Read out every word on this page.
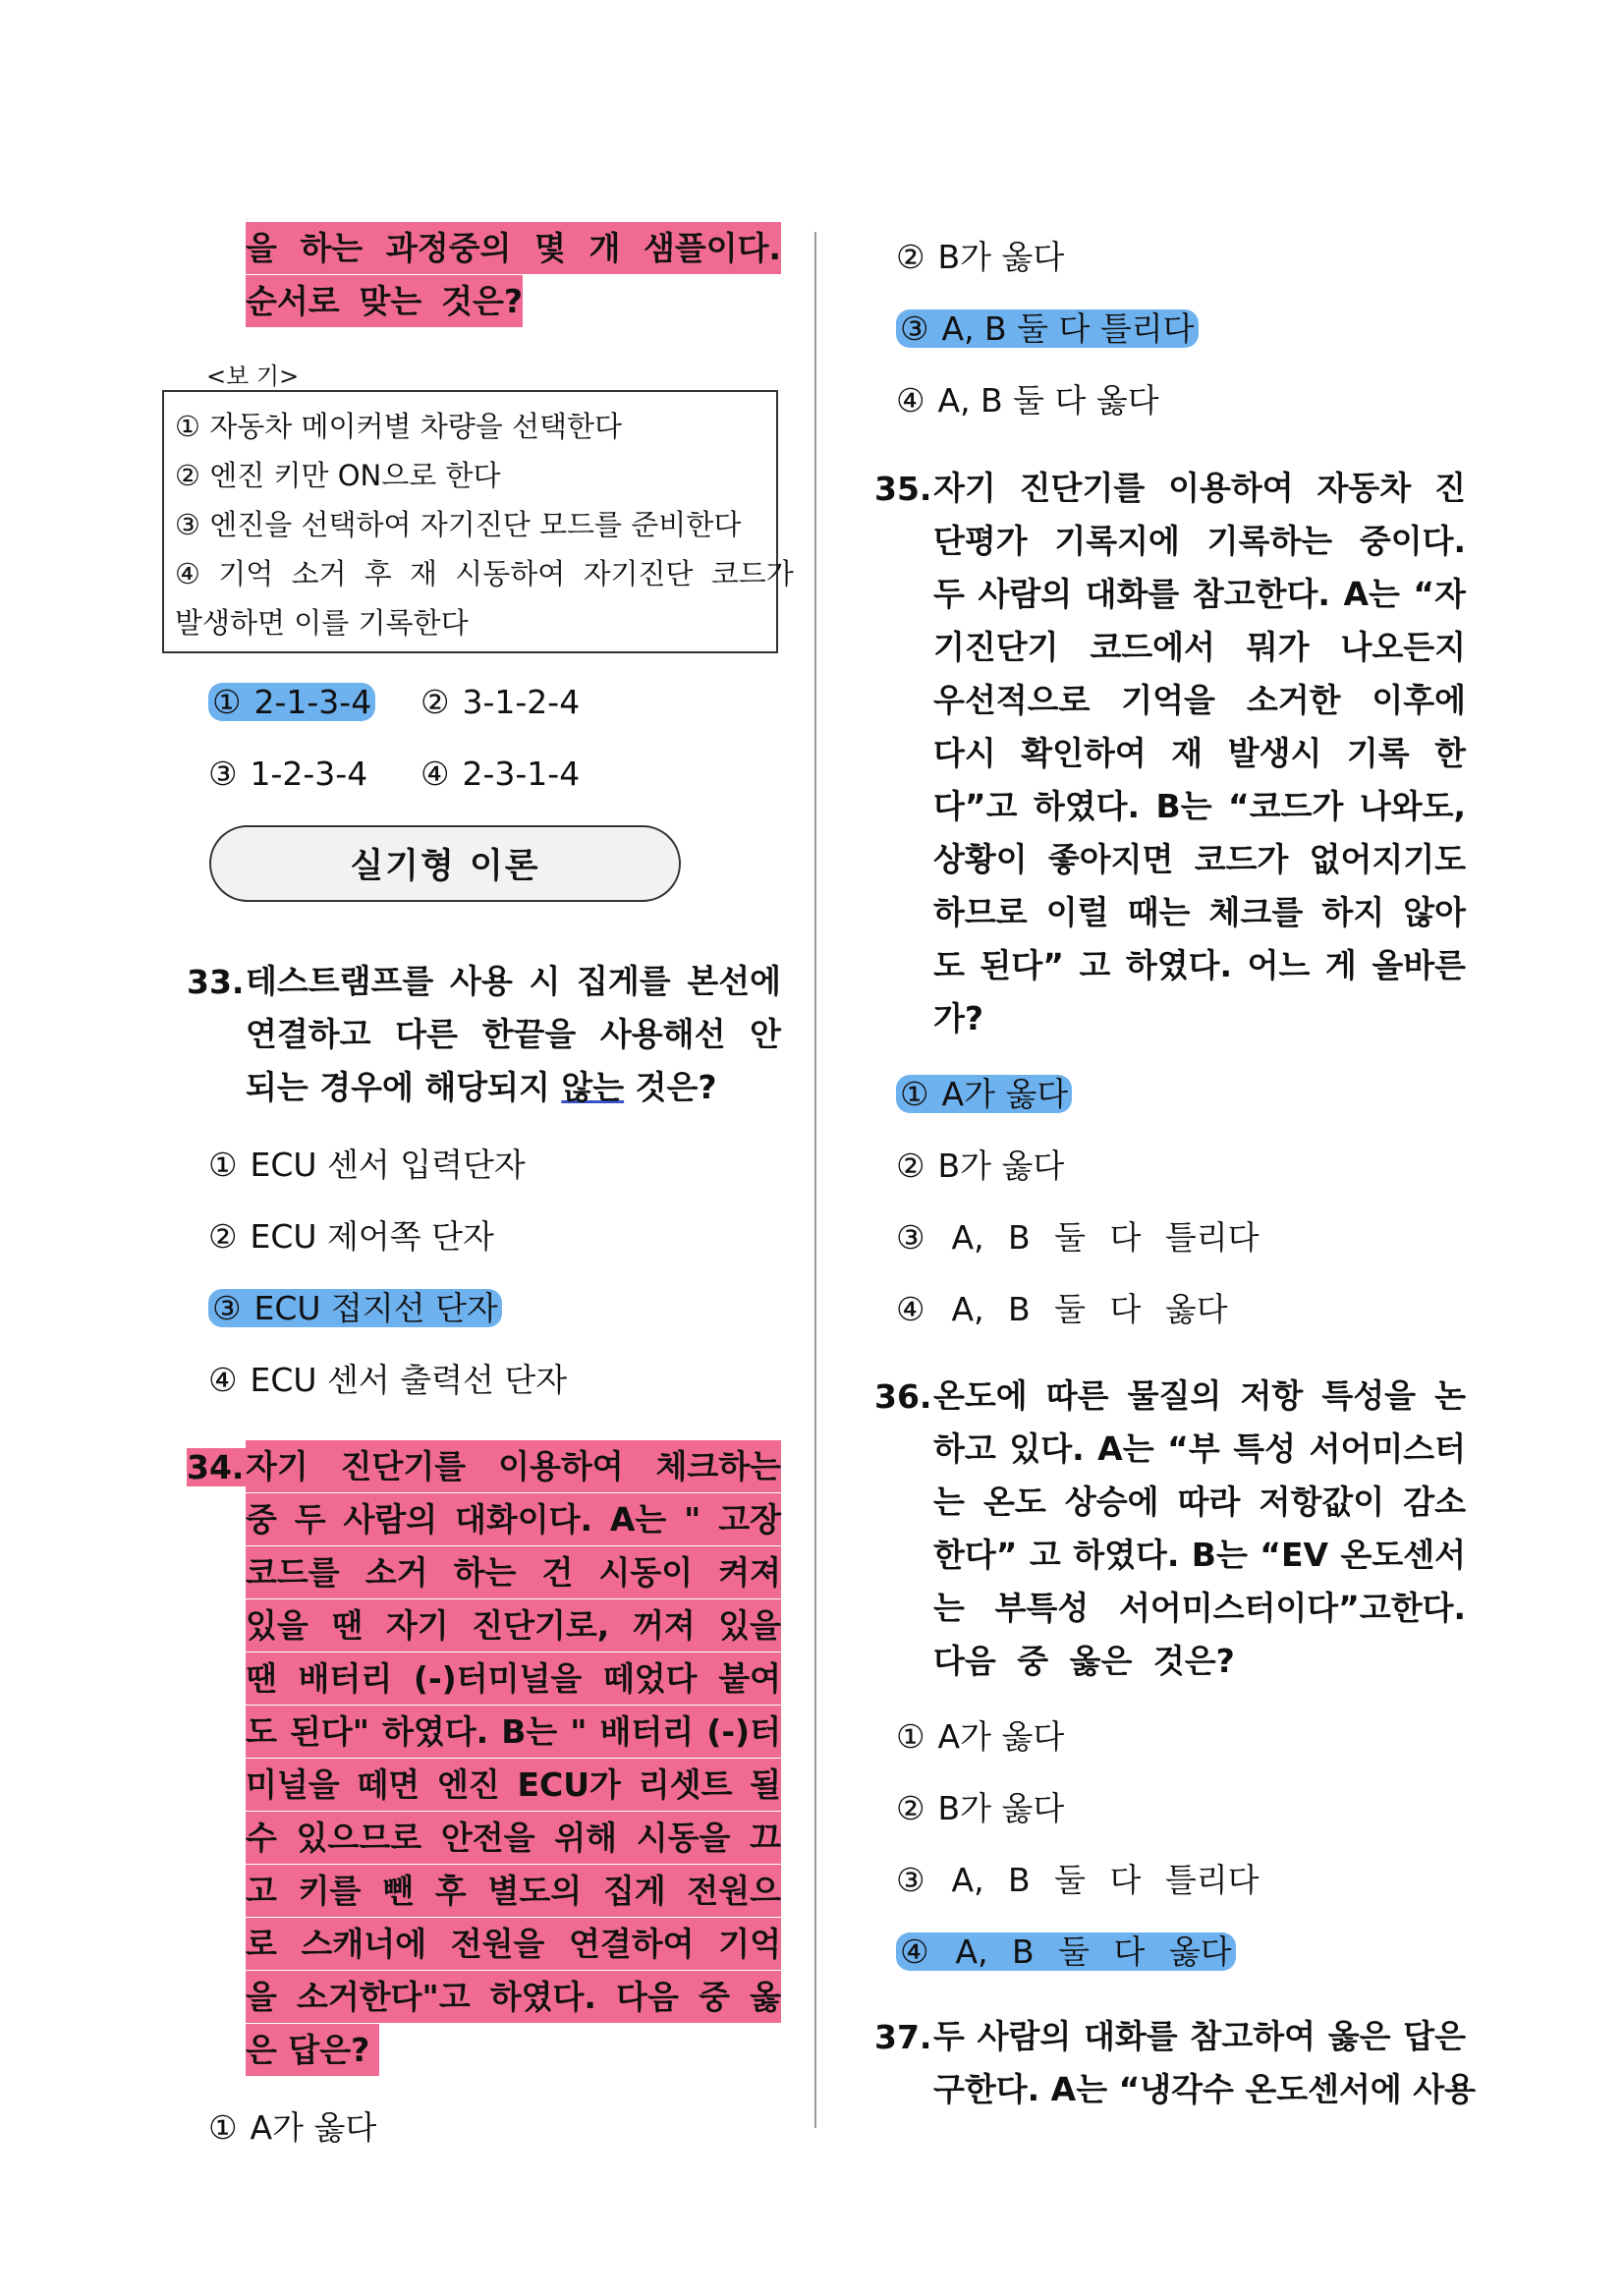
을 하는 과정중의 몇 개 샘플이다.
순서로 맞는 것은?
<보 기>
① 자동차 메이커별 차량을 선택한다
② 엔진 키만 ON으로 한다
③ 엔진을 선택하여 자기진단 모드를 준비한다
④ 기억 소거 후 재 시동하여 자기진단 코드가
발생하면 이를 기록한다
① 2-1-3-4 ② 3-1-2-4
③ 1-2-3-4 ④ 2-3-1-4
실기형 이론
33. 테스트램프를 사용 시 집게를 본선에
연결하고 다른 한끝을 사용해선 안
되는 경우에 해당되지 않는 것은?
① ECU 센서 입력단자
② ECU 제어쪽 단자
③ ECU 접지선 단자
④ ECU 센서 출력선 단자
34. 자기 진단기를 이용하여 체크하는
중 두 사람의 대화이다. A는 " 고장
코드를 소거 하는 건 시동이 켜져
있을 땐 자기 진단기로, 꺼져 있을
땐 배터리 (-)터미널을 떼었다 붙여
도 된다" 하였다. B는 " 배터리 (-)터
미널을 떼면 엔진 ECU가 리셋트 될
수 있으므로 안전을 위해 시동을 끄
고 키를 뺀 후 별도의 집게 전원으
로 스캐너에 전원을 연결하여 기억
을 소거한다"고 하였다. 다음 중 옳
은 답은?
① A가 옳다
② B가 옳다
③ A, B 둘 다 틀리다
④ A, B 둘 다 옳다
35. 자기 진단기를 이용하여 자동차 진
단평가 기록지에 기록하는 중이다.
두 사람의 대화를 참고한다. A는 “자
기진단기 코드에서 뭐가 나오든지
우선적으로 기억을 소거한 이후에
다시 확인하여 재 발생시 기록 한
다”고 하였다. B는 “코드가 나와도,
상황이 좋아지면 코드가 없어지기도
하므로 이럴 때는 체크를 하지 않아
도 된다” 고 하였다. 어느 게 올바른
가?
① A가 옳다
② B가 옳다
③ A, B 둘 다 틀리다
④ A, B 둘 다 옳다
36. 온도에 따른 물질의 저항 특성을 논
하고 있다. A는 “부 특성 서어미스터
는 온도 상승에 따라 저항값이 감소
한다” 고 하였다. B는 “EV 온도센서
는 부특성 서어미스터이다”고한다.
다음 중 옳은 것은?
① A가 옳다
② B가 옳다
③ A, B 둘 다 틀리다
④ A, B 둘 다 옳다
37. 두 사람의 대화를 참고하여 옳은 답은
구한다. A는 “냉각수 온도센서에 사용
